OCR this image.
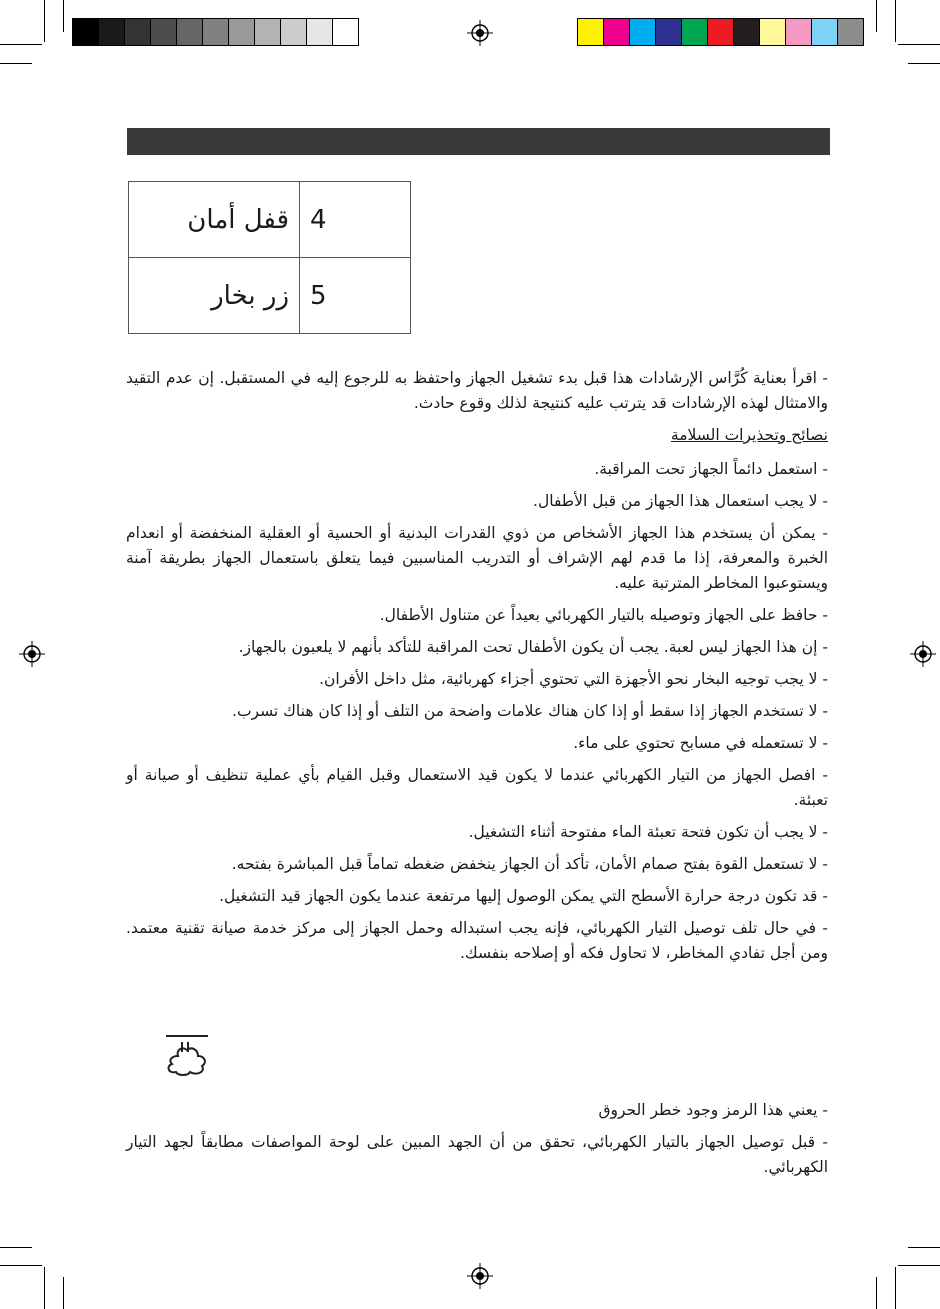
قفل أمان	4
زر بخار	5

- اقرأ بعناية كُرَّاس الإرشادات هذا قبل بدء تشغيل الجهاز واحتفظ به للرجوع إليه في المستقبل. إن عدم التقيد والامتثال لهذه الإرشادات قد يترتب عليه كنتيجة لذلك وقوع حادث.

نصائح وتحذيرات السلامة

- استعمل دائماً الجهاز تحت المراقبة.

- لا يجب استعمال هذا الجهاز من قبل الأطفال.

- يمكن أن يستخدم هذا الجهاز الأشخاص من ذوي القدرات البدنية أو الحسية أو العقلية المنخفضة أو انعدام الخبرة والمعرفة، إذا ما قدم لهم الإشراف أو التدريب المناسبين فيما يتعلق باستعمال الجهاز بطريقة آمنة ويستوعبوا المخاطر المترتبة عليه.

- حافظ على الجهاز وتوصيله بالتيار الكهربائي بعيداً عن متناول الأطفال.

- إن هذا الجهاز ليس لعبة. يجب أن يكون الأطفال تحت المراقبة للتأكد بأنهم لا يلعبون بالجهاز.

- لا يجب توجيه البخار نحو الأجهزة التي تحتوي أجزاء كهربائية، مثل داخل الأفران.

- لا تستخدم الجهاز إذا سقط أو إذا كان هناك علامات واضحة من التلف أو إذا كان هناك تسرب.

- لا تستعمله في مسابح تحتوي على ماء.

- افصل الجهاز من التيار الكهربائي عندما لا يكون قيد الاستعمال وقبل القيام بأي عملية تنظيف أو صيانة أو تعبئة.

- لا يجب أن تكون فتحة تعبئة الماء مفتوحة أثناء التشغيل.

- لا تستعمل القوة بفتح صمام الأمان، تأكد أن الجهاز ينخفض ضغطه تماماً قبل المباشرة بفتحه.

- قد تكون درجة حرارة الأسطح التي يمكن الوصول إليها مرتفعة عندما يكون الجهاز قيد التشغيل.

- في حال تلف توصيل التيار الكهربائي، فإنه يجب استبداله وحمل الجهاز إلى مركز خدمة صيانة تقنية معتمد. ومن أجل تفادي المخاطر، لا تحاول فكه أو إصلاحه بنفسك.

- يعني هذا الرمز وجود خطر الحروق

- قبل توصيل الجهاز بالتيار الكهربائي، تحقق من أن الجهد المبين على لوحة المواصفات مطابقاً لجهد التيار الكهربائي.
